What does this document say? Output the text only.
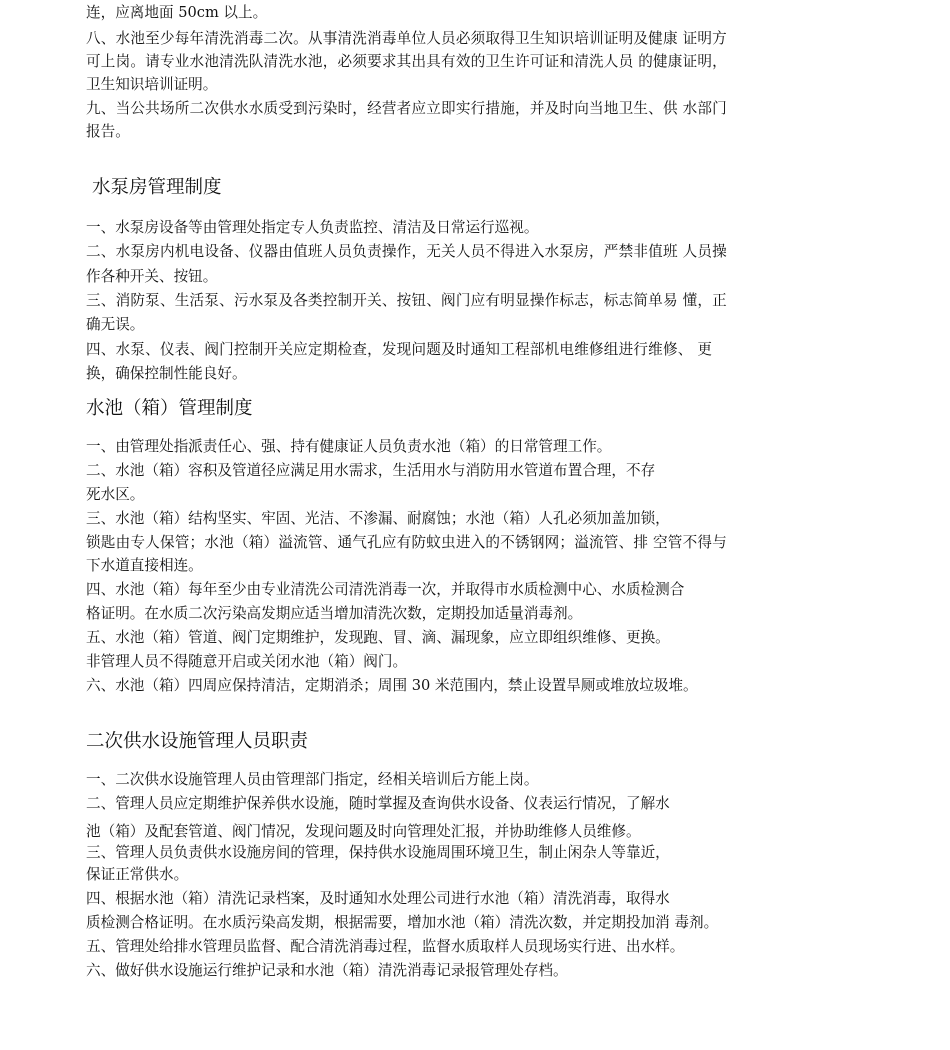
连，应离地面 50cm 以上。
八、水池至少每年清洗消毒二次。从事清洗消毒单位人员必须取得卫生知识培训证明及健康 证明方
可上岗。请专业水池清洗队清洗水池，必须要求其出具有效的卫生许可证和清洗人员 的健康证明，
卫生知识培训证明。
九、当公共场所二次供水水质受到污染时，经营者应立即实行措施，并及时向当地卫生、供 水部门
报告。
水泵房管理制度
一、水泵房设备等由管理处指定专人负责监控、清洁及日常运行巡视。
二、水泵房内机电设备、仪器由值班人员负责操作，无关人员不得进入水泵房，严禁非值班 人员操
作各种开关、按钮。
三、消防泵、生活泵、污水泵及各类控制开关、按钮、阀门应有明显操作标志，标志简单易 懂，正
确无误。
四、水泵、仪表、阀门控制开关应定期检查，发现问题及时通知工程部机电维修组进行维修、 更
换，确保控制性能良好。
水池（箱）管理制度
一、由管理处指派责任心、强、持有健康证人员负责水池（箱）的日常管理工作。
二、水池（箱）容积及管道径应满足用水需求，生活用水与消防用水管道布置合理，不存
死水区。
三、水池（箱）结构坚实、牢固、光洁、不渗漏、耐腐蚀；水池（箱）人孔必须加盖加锁，
锁匙由专人保管；水池（箱）溢流管、通气孔应有防蚊虫进入的不锈钢网；溢流管、排 空管不得与
下水道直接相连。
四、水池（箱）每年至少由专业清洗公司清洗消毒一次，并取得市水质检测中心、水质检测合
格证明。在水质二次污染高发期应适当增加清洗次数，定期投加适量消毒剂。
五、水池（箱）管道、阀门定期维护，发现跑、冒、滴、漏现象，应立即组织维修、更换。
非管理人员不得随意开启或关闭水池（箱）阀门。
六、水池（箱）四周应保持清洁，定期消杀；周围 30 米范围内，禁止设置旱厕或堆放垃圾堆。
二次供水设施管理人员职责
一、二次供水设施管理人员由管理部门指定，经相关培训后方能上岗。
二、管理人员应定期维护保养供水设施，随时掌握及查询供水设备、仪表运行情况，了解水
池（箱）及配套管道、阀门情况，发现问题及时向管理处汇报，并协助维修人员维修。
三、管理人员负责供水设施房间的管理，保持供水设施周围环境卫生，制止闲杂人等靠近，
保证正常供水。
四、根据水池（箱）清洗记录档案，及时通知水处理公司进行水池（箱）清洗消毒，取得水
质检测合格证明。在水质污染高发期，根据需要，增加水池（箱）清洗次数，并定期投加消 毒剂。
五、管理处给排水管理员监督、配合清洗消毒过程，监督水质取样人员现场实行进、出水样。
六、做好供水设施运行维护记录和水池（箱）清洗消毒记录报管理处存档。
